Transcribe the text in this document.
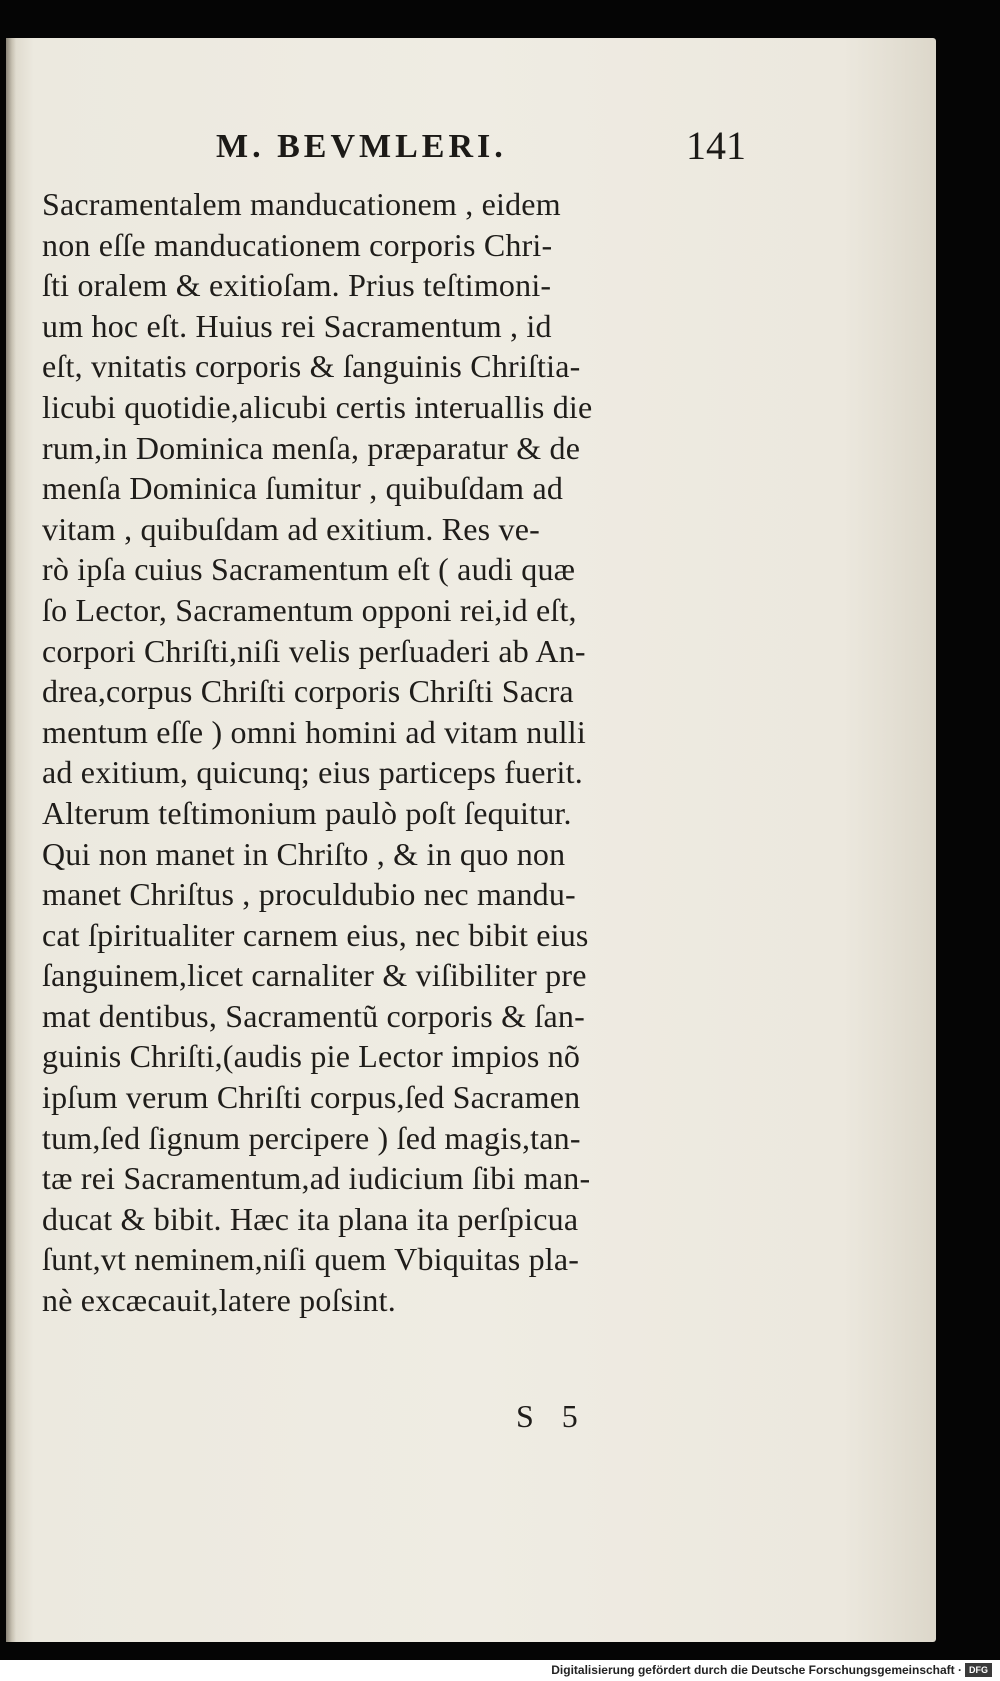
M. BEVMLERI.	141
Sacramentalem manducationem , eidem
non eſſe manducationem corporis Chri-
ſti oralem & exitioſam. Prius teſtimoni-
um hoc eſt. Huius rei Sacramentum , id
eſt, vnitatis corporis & ſanguinis Chriſtia-
licubi quotidie,alicubi certis interuallis die
rum,in Dominica menſa, præparatur & de
menſa Dominica ſumitur , quibuſdam ad
vitam , quibuſdam ad exitium. Res ve-
rò ipſa cuius Sacramentum eſt ( audi quæ
ſo Lector, Sacramentum opponi rei,id eſt,
corpori Chriſti,niſi velis perſuaderi ab An-
drea,corpus Chriſti corporis Chriſti Sacra
mentum eſſe ) omni homini ad vitam nulli
ad exitium, quicunq; eius particeps fuerit.
Alterum teſtimonium paulò poſt ſequitur.
Qui non manet in Chriſto , & in quo non
manet Chriſtus , proculdubio nec mandu-
cat ſpiritualiter carnem eius, nec bibit eius
ſanguinem,licet carnaliter & viſibiliter pre
mat dentibus, Sacramentũ corporis & ſan-
guinis Chriſti,(audis pie Lector impios nõ
ipſum verum Chriſti corpus,ſed Sacramen
tum,ſed ſignum percipere ) ſed magis,tan-
tæ rei Sacramentum,ad iudicium ſibi man-
ducat & bibit. Hæc ita plana ita perſpicua
ſunt,vt neminem,niſi quem Vbiquitas pla-
nè excæcauit,latere poſsint.
S 5
Digitalisierung gefördert durch die Deutsche Forschungsgemeinschaft · DFG
